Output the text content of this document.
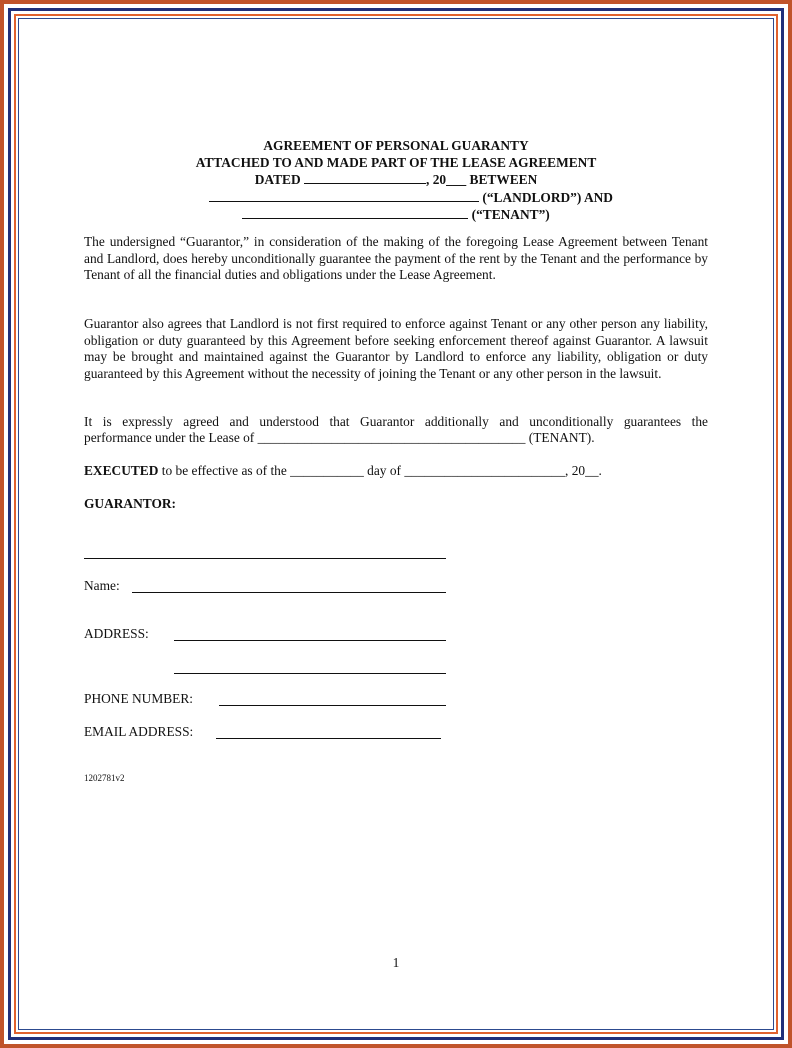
AGREEMENT OF PERSONAL GUARANTY
ATTACHED TO AND MADE PART OF THE LEASE AGREEMENT
DATED	, 20___ BETWEEN
(“LANDLORD”) AND
(“TENANT”)
The undersigned “Guarantor,” in consideration of the making of the foregoing Lease Agreement between Tenant and Landlord, does hereby unconditionally guarantee the payment of the rent by the Tenant and the performance by Tenant of all the financial duties and obligations under the Lease Agreement.
Guarantor also agrees that Landlord is not first required to enforce against Tenant or any other person any liability, obligation or duty guaranteed by this Agreement before seeking enforcement thereof against Guarantor. A lawsuit may be brought and maintained against the Guarantor by Landlord to enforce any liability, obligation or duty guaranteed by this Agreement without the necessity of joining the Tenant or any other person in the lawsuit.
It is expressly agreed and understood that Guarantor additionally and unconditionally guarantees the
performance under the Lease of ________________________________________ (TENANT).
EXECUTED to be effective as of the ___________ day of ________________________, 20__.
GUARANTOR:
Name:
ADDRESS:
PHONE NUMBER:
EMAIL ADDRESS:
1202781v2
1
